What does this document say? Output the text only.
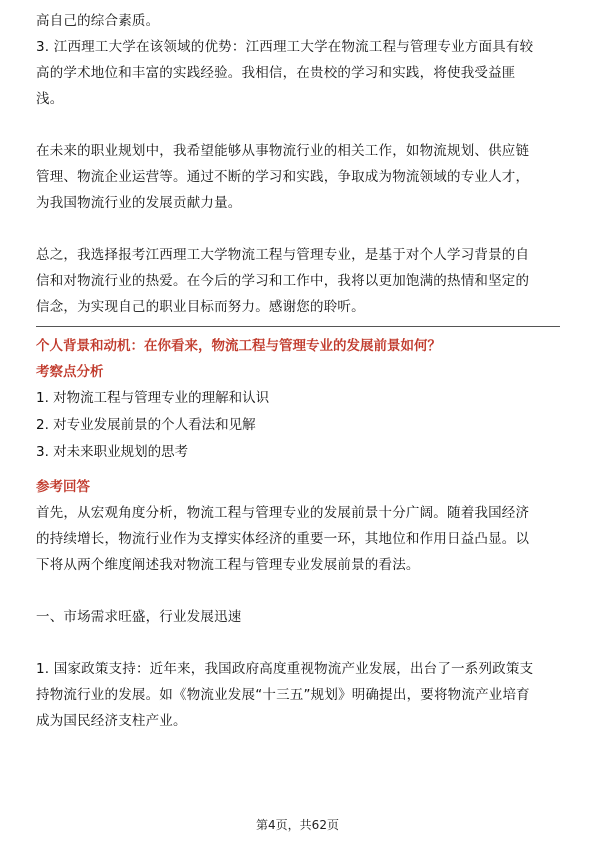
高自己的综合素质。

3. 江西理工大学在该领域的优势：江西理工大学在物流工程与管理专业方面具有较

高的学术地位和丰富的实践经验。我相信，在贵校的学习和实践，将使我受益匪

浅。

在未来的职业规划中，我希望能够从事物流行业的相关工作，如物流规划、供应链

管理、物流企业运营等。通过不断的学习和实践，争取成为物流领域的专业人才，

为我国物流行业的发展贡献力量。

总之，我选择报考江西理工大学物流工程与管理专业，是基于对个人学习背景的自

信和对物流行业的热爱。在今后的学习和工作中，我将以更加饱满的热情和坚定的

信念，为实现自己的职业目标而努力。感谢您的聆听。

个人背景和动机：在你看来，物流工程与管理专业的发展前景如何？
考察点分析
1. 对物流工程与管理专业的理解和认识
2. 对专业发展前景的个人看法和见解
3. 对未来职业规划的思考
参考回答

首先，从宏观角度分析，物流工程与管理专业的发展前景十分广阔。随着我国经济

的持续增长，物流行业作为支撑实体经济的重要一环，其地位和作用日益凸显。以

下将从两个维度阐述我对物流工程与管理专业发展前景的看法。

一、市场需求旺盛，行业发展迅速

1. 国家政策支持：近年来，我国政府高度重视物流产业发展，出台了一系列政策支

持物流行业的发展。如《物流业发展“十三五”规划》明确提出，要将物流产业培育

成为国民经济支柱产业。

第4页，共62页
